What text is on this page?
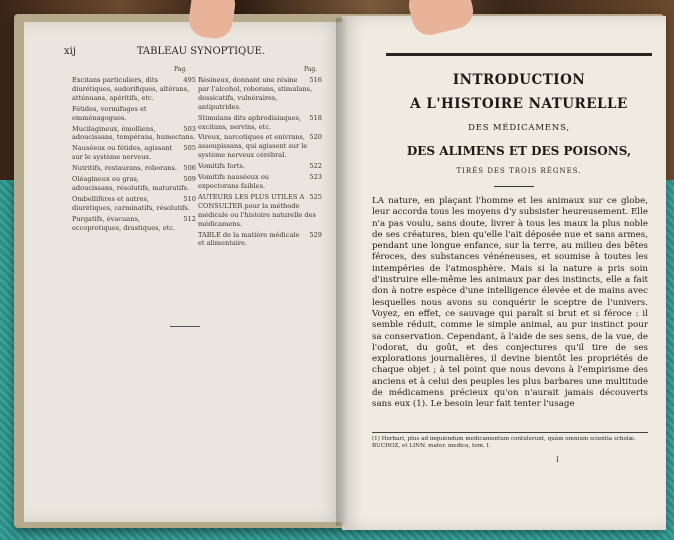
xij	TABLEAU SYNOPTIQUE.
Pag.	Pag.
495
Excitans particuliers, dits diurétiques, sudorifiques, altérans, atténuans, apéritifs, etc.
Fétides, vermifuges et emménagogues.
503
Mucilagineux, émolliens, adoucissans, tempérans, humectans.
505
Nauséeux ou fétides, agissant sur le système nerveux.
506
Nutritifs, restaurans, roborans.
509
Oléagineux ou gras, adoucissans, résolutifs, maturatifs.
510
Ombellifères et autres, diurétiques, carminatifs, résolutifs.
512
Purgatifs, évacuans, eccoprotiques, drastiques, etc.
516
Résineux, donnant une résine par l'alcohol, roborans, stimulans, dessicatifs, vulnéraires, antiputrides.
518
Stimulans dits aphrodisiaques, excitans, nervins, etc.
520
Vireux, narcotiques et enivrans, assoupissans, qui agissent sur le système nerveux cérébral.
522
Vomitifs forts.
523
Vomitifs nauséeux ou expectorans faibles.
525
AUTEURS LES PLUS UTILES A CONSULTER pour la méthode médicale ou l'histoire naturelle des médicamens.
529
TABLE de la matière médicale et alimentaire.
INTRODUCTION
A L'HISTOIRE NATURELLE
DES MÉDICAMENS,
DES ALIMENS ET DES POISONS,
TIRÉS DES TROIS RÈGNES.

LA nature, en plaçant l'homme et les animaux sur ce globe, leur accorda tous les moyens d'y subsister heureusement. Elle n'a pas voulu, sans doute, livrer à tous les maux la plus noble de ses créatures, bien qu'elle l'ait déposée nue et sans armes, pendant une longue enfance, sur la terre, au milieu des bêtes féroces, des substances vénéneuses, et soumise à toutes les intempéries de l'atmosphère. Mais si la nature a pris soin d'instruire elle-même les animaux par des instincts, elle a fait don à notre espèce d'une intelligence élevée et de mains avec lesquelles nous avons su conquérir le sceptre de l'univers. Voyez, en effet, ce sauvage qui paraît si brut et si féroce : il semble réduit, comme le simple animal, au pur instinct pour sa conservation. Cependant, à l'aide de ses sens, de la vue, de l'odorat, du goût, et des conjectures qu'il tire de ses explorations journalières, il devine bientôt les propriétés de chaque objet ; à tel point que nous devons à l'empirisme des anciens et à celui des peuples les plus barbares une multitude de médicamens précieux qu'on n'aurait jamais découverts sans eux (1). Le besoin leur fait tenter l'usage

(1) Herbari, plus ad inquiendum medicamentum contulerunt, quàm omnium scientia scholæ. BUCHOZ, et LINN. mater. medica, tom. I.
I
